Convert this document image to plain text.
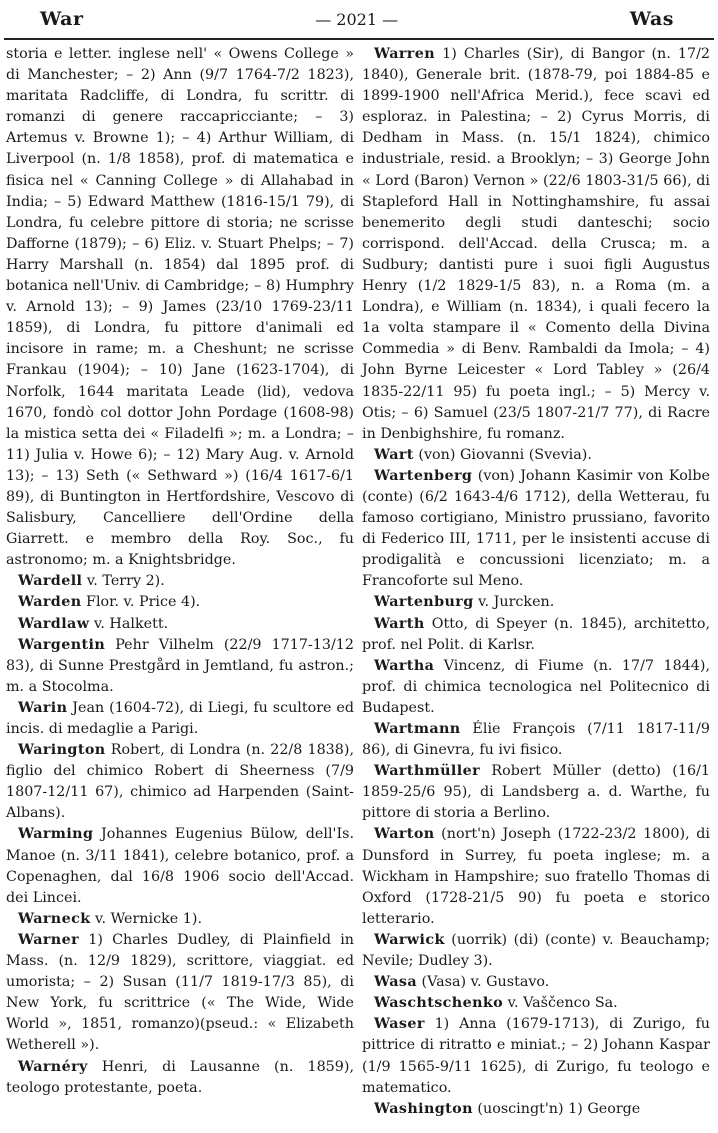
War	— 2021 —	Was

storia e letter. inglese nell' « Owens College » di Manchester; – 2) Ann (9/7 1764-7/2 1823), maritata Radcliffe, di Londra, fu scrittr. di romanzi di genere raccapricciante; – 3) Artemus v. Browne 1); – 4) Arthur William, di Liverpool (n. 1/8 1858), prof. di matematica e fisica nel « Canning College » di Allahabad in India; – 5) Edward Matthew (1816-15/1 79), di Londra, fu celebre pittore di storia; ne scrisse Dafforne (1879); – 6) Eliz. v. Stuart Phelps; – 7) Harry Marshall (n. 1854) dal 1895 prof. di botanica nell'Univ. di Cambridge; – 8) Humphry v. Arnold 13); – 9) James (23/10 1769-23/11 1859), di Londra, fu pittore d'animali ed incisore in rame; m. a Cheshunt; ne scrisse Frankau (1904); – 10) Jane (1623-1704), di Norfolk, 1644 maritata Leade (lid), vedova 1670, fondò col dottor John Pordage (1608-98) la mistica setta dei « Filadelfi »; m. a Londra; – 11) Julia v. Howe 6); – 12) Mary Aug. v. Arnold 13); – 13) Seth (« Sethward ») (16/4 1617-6/1 89), di Buntington in Hertfordshire, Vescovo di Salisbury, Cancelliere dell'Ordine della Giarrett. e membro della Roy. Soc., fu astronomo; m. a Knightsbridge.

Wardell v. Terry 2).

Warden Flor. v. Price 4).

Wardlaw v. Halkett.

Wargentin Pehr Vilhelm (22/9 1717-13/12 83), di Sunne Prestgård in Jemtland, fu astron.; m. a Stocolma.

Warin Jean (1604-72), di Liegi, fu scultore ed incis. di medaglie a Parigi.

Warington Robert, di Londra (n. 22/8 1838), figlio del chimico Robert di Sheerness (7/9 1807-12/11 67), chimico ad Harpenden (Saint-Albans).

Warming Johannes Eugenius Bülow, dell'Is. Manoe (n. 3/11 1841), celebre botanico, prof. a Copenaghen, dal 16/8 1906 socio dell'Accad. dei Lincei.

Warneck v. Wernicke 1).

Warner 1) Charles Dudley, di Plainfield in Mass. (n. 12/9 1829), scrittore, viaggiat. ed umorista; – 2) Susan (11/7 1819-17/3 85), di New York, fu scrittrice (« The Wide, Wide World », 1851, romanzo)(pseud.: « Elizabeth Wetherell »).

Warnéry Henri, di Lausanne (n. 1859), teologo protestante, poeta.

Warren 1) Charles (Sir), di Bangor (n. 17/2 1840), Generale brit. (1878-79, poi 1884-85 e 1899-1900 nell'Africa Merid.), fece scavi ed esploraz. in Palestina; – 2) Cyrus Morris, di Dedham in Mass. (n. 15/1 1824), chimico industriale, resid. a Brooklyn; – 3) George John « Lord (Baron) Vernon » (22/6 1803-31/5 66), di Stapleford Hall in Nottinghamshire, fu assai benemerito degli studi danteschi; socio corrispond. dell'Accad. della Crusca; m. a Sudbury; dantisti pure i suoi figli Augustus Henry (1/2 1829-1/5 83), n. a Roma (m. a Londra), e William (n. 1834), i quali fecero la 1a volta stampare il « Comento della Divina Commedia » di Benv. Rambaldi da Imola; – 4) John Byrne Leicester « Lord Tabley » (26/4 1835-22/11 95) fu poeta ingl.; – 5) Mercy v. Otis; – 6) Samuel (23/5 1807-21/7 77), di Racre in Denbighshire, fu romanz.

Wart (von) Giovanni (Svevia).

Wartenberg (von) Johann Kasimir von Kolbe (conte) (6/2 1643-4/6 1712), della Wetterau, fu famoso cortigiano, Ministro prussiano, favorito di Federico III, 1711, per le insistenti accuse di prodigalità e concussioni licenziato; m. a Francoforte sul Meno.

Wartenburg v. Jurcken.

Warth Otto, di Speyer (n. 1845), architetto, prof. nel Polit. di Karlsr.

Wartha Vincenz, di Fiume (n. 17/7 1844), prof. di chimica tecnologica nel Politecnico di Budapest.

Wartmann Élie François (7/11 1817-11/9 86), di Ginevra, fu ivi fisico.

Warthmüller Robert Müller (detto) (16/1 1859-25/6 95), di Landsberg a. d. Warthe, fu pittore di storia a Berlino.

Warton (nort'n) Joseph (1722-23/2 1800), di Dunsford in Surrey, fu poeta inglese; m. a Wickham in Hampshire; suo fratello Thomas di Oxford (1728-21/5 90) fu poeta e storico letterario.

Warwick (uorrik) (di) (conte) v. Beauchamp; Nevile; Dudley 3).

Wasa (Vasa) v. Gustavo.

Waschtschenko v. Vaščenco Sa.

Waser 1) Anna (1679-1713), di Zurigo, fu pittrice di ritratto e miniat.; – 2) Johann Kaspar (1/9 1565-9/11 1625), di Zurigo, fu teologo e matematico.

Washington (uoscingt'n) 1) George
